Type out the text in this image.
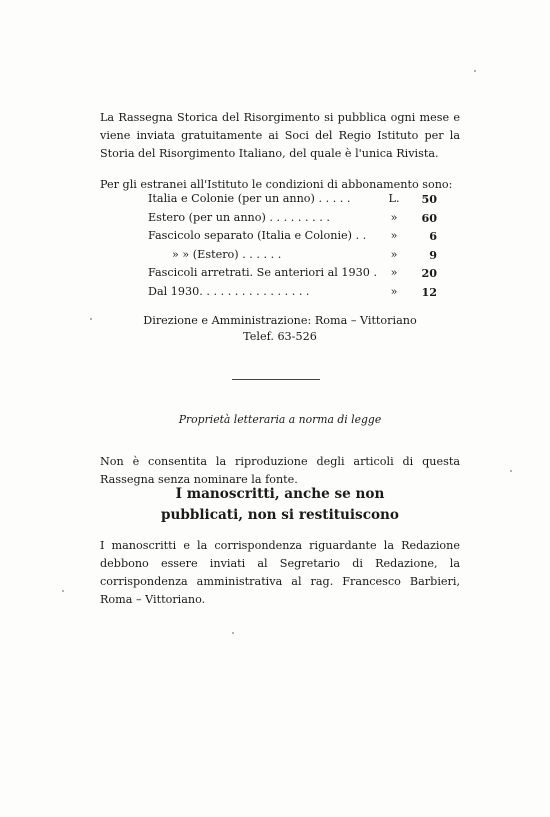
La Rassegna Storica del Risorgimento si pubblica ogni mese e viene inviata gratuitamente ai Soci del Regio Istituto per la Storia del Risorgimento Italiano, del quale è l'unica Rivista.

Per gli estranei all'Istituto le condizioni di abbonamento sono:

Italia e Colonie (per un anno) . . . . .	L.	50
Estero (per un anno) . . . . . . . . .	»	60
Fascicolo separato (Italia e Colonie) . .	»	6
» » (Estero) . . . . . .	»	9
Fascicoli arretrati. Se anteriori al 1930 .	»	20
Dal 1930. . . . . . . . . . . . . . . .	»	12
Direzione e Amministrazione: Roma – Vittoriano
Telef. 63-526
Proprietà letteraria a norma di legge

Non è consentita la riproduzione degli articoli di questa Rassegna senza nominare la fonte.

I manoscritti, anche se non
pubblicati, non si restituiscono

I manoscritti e la corrispondenza riguardante la Redazione debbono essere inviati al Segretario di Redazione, la corrispondenza amministrativa al rag. Francesco Barbieri, Roma – Vittoriano.
